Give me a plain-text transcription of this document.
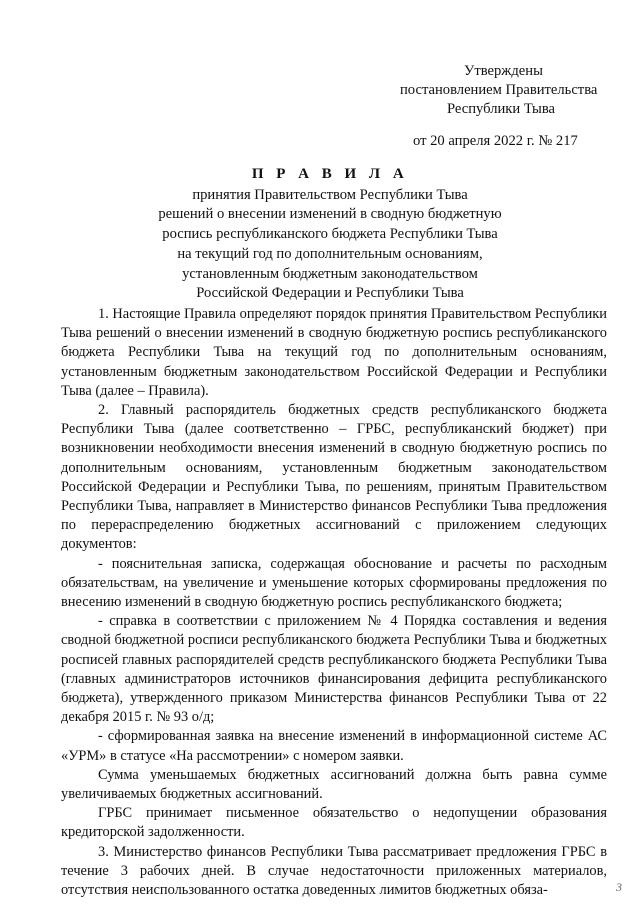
Утверждены
постановлением Правительства
Республики Тыва
от 20 апреля 2022 г. № 217
П Р А В И Л А
принятия Правительством Республики Тыва
решений о внесении изменений в сводную бюджетную
роспись республиканского бюджета Республики Тыва
на текущий год по дополнительным основаниям,
установленным бюджетным законодательством
Российской Федерации и Республики Тыва

1. Настоящие Правила определяют порядок принятия Правительством Республики Тыва решений о внесении изменений в сводную бюджетную роспись республиканского бюджета Республики Тыва на текущий год по дополнительным основаниям, установленным бюджетным законодательством Российской Федерации и Республики Тыва (далее – Правила).

2. Главный распорядитель бюджетных средств республиканского бюджета Республики Тыва (далее соответственно – ГРБС, республиканский бюджет) при возникновении необходимости внесения изменений в сводную бюджетную роспись по дополнительным основаниям, установленным бюджетным законодательством Российской Федерации и Республики Тыва, по решениям, принятым Правительством Республики Тыва, направляет в Министерство финансов Республики Тыва предложения по перераспределению бюджетных ассигнований с приложением следующих документов:

- пояснительная записка, содержащая обоснование и расчеты по расходным обязательствам, на увеличение и уменьшение которых сформированы предложения по внесению изменений в сводную бюджетную роспись республиканского бюджета;

- справка в соответствии с приложением № 4 Порядка составления и ведения сводной бюджетной росписи республиканского бюджета Республики Тыва и бюджетных росписей главных распорядителей средств республиканского бюджета Республики Тыва (главных администраторов источников финансирования дефицита республиканского бюджета), утвержденного приказом Министерства финансов Республики Тыва от 22 декабря 2015 г. № 93 о/д;

- сформированная заявка на внесение изменений в информационной системе АС «УРМ» в статусе «На рассмотрении» с номером заявки.

Сумма уменьшаемых бюджетных ассигнований должна быть равна сумме увеличиваемых бюджетных ассигнований.

ГРБС принимает письменное обязательство о недопущении образования кредиторской задолженности.

3. Министерство финансов Республики Тыва рассматривает предложения ГРБС в течение 3 рабочих дней. В случае недостаточности приложенных материалов, отсутствия неиспользованного остатка доведенных лимитов бюджетных обяза-	3
